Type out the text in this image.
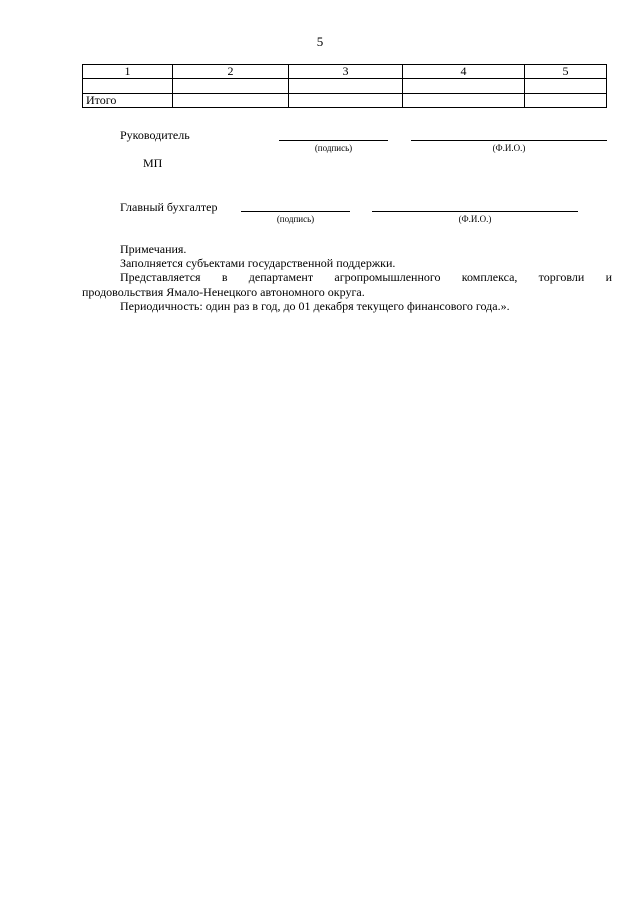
5
1	2	3	4	5

Итого				
Руководитель
(подпись)	(Ф.И.О.)
МП
Главный бухгалтер
(подпись)	(Ф.И.О.)

Примечания.

Заполняется субъектами государственной поддержки.

Представляется в департамент агропромышленного комплекса, торговли и

продовольствия Ямало-Ненецкого автономного округа.

Периодичность: один раз в год, до 01 декабря текущего финансового года.».
